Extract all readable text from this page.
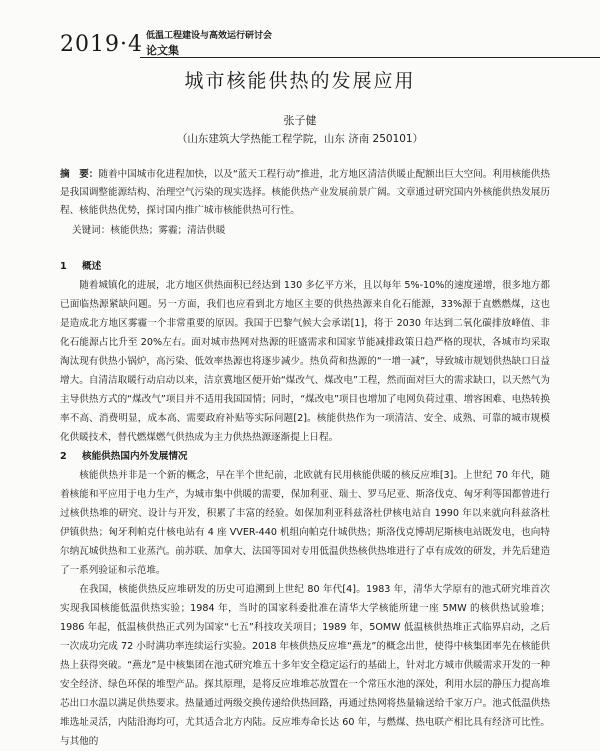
2019·4 低温工程建设与高效运行研讨会
论文集
城市核能供热的发展应用
张子健
（山东建筑大学热能工程学院，山东 济南 250101）
摘　要：随着中国城市化进程加快，以及“蓝天工程行动”推进，北方地区清洁供暖止配额出巨大空间。利用核能供热是我国调整能源结构、治理空气污染的现实选择。核能供热产业发展前景广阔。文章通过研究国内外核能供热发展历程、核能供热优势，探讨国内推广城市核能供热可行性。
关键词：核能供热；雾霾；清洁供暖
1 概述
随着城镇化的进展，北方地区供热面积已经达到 130 多亿平方米，且以每年 5%-10%的速度递增，很多地方都已面临热源紧缺问题。另一方面，我们也应看到北方地区主要的供热热源来自化石能源，33%源于直燃燃煤，这也是造成北方地区雾霾一个非常重要的原因。我国于巴黎气候大会承诺[1]，将于 2030 年达到二氧化碳排放峰值、非化石能源占比升至 20%左右。面对城市热网对热源的旺盛需求和国家节能减排政策日趋严格的现状，各城市均采取淘汰现有供热小锅炉，高污染、低效率热源也将逐步减少。热负荷和热源的“一增一减”，导致城市规划供热缺口日益增大。自清洁取暖行动启动以来，洁京冀地区便开始“煤改气、煤改电”工程，然而面对巨大的需求缺口，以天然气为主导供热方式的“煤改气”项目并不适用我国国情；同时，“煤改电”项目也增加了电网负荷过重、增容困难、电热转换率不高、消费明显，成本高、需要政府补贴等实际问题[2]。核能供热作为一项清洁、安全、成熟、可靠的城市规模化供暖技术，替代燃煤燃气供热成为主力供热热源逐渐提上日程。
2 核能供热国内外发展情况
核能供热并非是一个新的概念，早在半个世纪前，北欧就有民用核能供暖的核反应堆[3]。上世纪 70 年代，随着核能和平应用于电力生产，为城市集中供暖的需要，保加利亚、瑞士、罗马尼亚、斯洛伐克、匈牙利等国都曾进行过核供热堆的研究、设计与开发，积累了丰富的经验。如保加利亚科兹洛杜伊核电站自 1990 年以来就向科兹洛杜伊镇供热；匈牙利帕克什核电站有 4 座 VVER-440 机组向帕克什城供热；斯洛伐克博胡尼斯核电站既发电，也向特尔纳瓦城供热和工业蒸汽。前苏联、加拿大、法国等国对专用低温供热核供热堆进行了卓有成效的研发，并先后建造了一系列验证和示范堆。
在我国，核能供热反应堆研发的历史可追溯到上世纪 80 年代[4]。1983 年，清华大学原有的池式研究堆首次实现我国核能低温供热实验；1984 年，当时的国家科委批准在清华大学核能所建一座 5MW 的核供热试验堆；1986 年起，低温核供热正式列为国家“七五”科技攻关项目；1989 年，5OMW 低温核供热堆正式临界启动，之后一次成功完成 72 小时满功率连续运行实验。2018 年核供热反应堆“燕龙”的概念出世，使得中核集团率先在核能供热上获得突破。“燕龙”是中核集团在池式研究堆五十多年安全稳定运行的基础上，针对北方城市供暖需求开发的一种安全经济、绿色环保的堆型产品。探其原理，是将反应堆堆芯放置在一个常压水池的深处，利用水层的静压力提高堆芯出口水温以满足供热要求。热量通过两级交换传递给供热回路，再通过热网将热量输送给千家万户。池式低温供热堆选址灵活，内陆沿海均可，尤其适合北方内陆。反应堆寿命长达 60 年，与燃煤、热电联产相比具有经济可比性。与其他的
